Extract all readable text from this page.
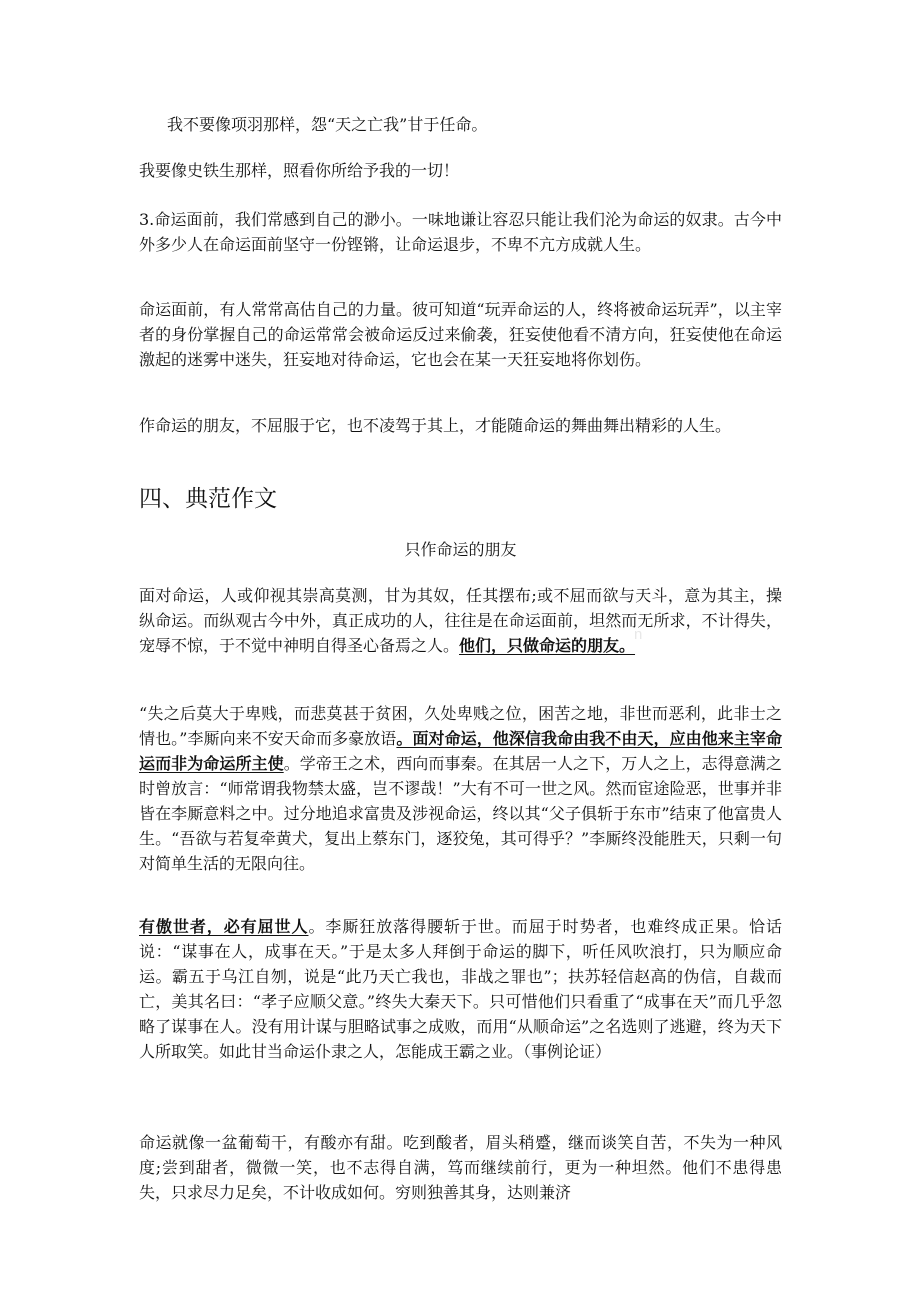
我不要像项羽那样，怨“天之亡我”甘于任命。

我要像史铁生那样，照看你所给予我的一切！

3.命运面前，我们常感到自己的渺小。一味地谦让容忍只能让我们沦为命运的奴隶。古今中外多少人在命运面前坚守一份铿锵，让命运退步，不卑不亢方成就人生。

命运面前，有人常常高估自己的力量。彼可知道“玩弄命运的人，终将被命运玩弄”，以主宰者的身份掌握自己的命运常常会被命运反过来偷袭，狂妄使他看不清方向，狂妄使他在命运激起的迷雾中迷失，狂妄地对待命运，它也会在某一天狂妄地将你划伤。

作命运的朋友，不屈服于它，也不凌驾于其上，才能随命运的舞曲舞出精彩的人生。

四、典范作文

只作命运的朋友

面对命运，人或仰视其崇高莫测，甘为其奴，任其摆布;或不屈而欲与天斗，意为其主，操纵命运。而纵观古今中外，真正成功的人，往往是在命运面前，坦然而无所求，不计得失，宠辱不惊，于不觉中神明自得圣心备焉之人。他们，只做命运的朋友。

“失之后莫大于卑贱，而悲莫甚于贫困，久处卑贱之位，困苦之地，非世而恶利，此非士之情也。”李厮向来不安天命而多豪放语。面对命运，他深信我命由我不由天，应由他来主宰命运而非为命运所主使。学帝王之术，西向而事秦。在其居一人之下，万人之上，志得意满之时曾放言：“师常谓我物禁太盛，岂不谬哉！”大有不可一世之风。然而宦途险恶，世事并非皆在李厮意料之中。过分地追求富贵及涉视命运，终以其“父子俱斩于东市”结束了他富贵人生。“吾欲与若复牵黄犬，复出上蔡东门，逐狡兔，其可得乎？”李厮终没能胜天，只剩一句对简单生活的无限向往。

有傲世者，必有屈世人。李厮狂放落得腰斩于世。而屈于时势者，也难终成正果。恰话说：“谋事在人，成事在天。”于是太多人拜倒于命运的脚下，听任风吹浪打，只为顺应命运。霸五于乌江自刎，说是“此乃天亡我也，非战之罪也”；扶苏轻信赵高的伪信，自裁而亡，美其名曰：“孝子应顺父意。”终失大秦天下。只可惜他们只看重了“成事在天”而几乎忽略了谋事在人。没有用计谋与胆略试事之成败，而用“从顺命运”之名选则了逃避，终为天下人所取笑。如此甘当命运仆隶之人，怎能成王霸之业。（事例论证）

命运就像一盆葡萄干，有酸亦有甜。吃到酸者，眉头稍蹙，继而谈笑自苦，不失为一种风度;尝到甜者，微微一笑，也不志得自满，笃而继续前行，更为一种坦然。他们不患得患失，只求尽力足矣，不计收成如何。穷则独善其身，达则兼济

n
